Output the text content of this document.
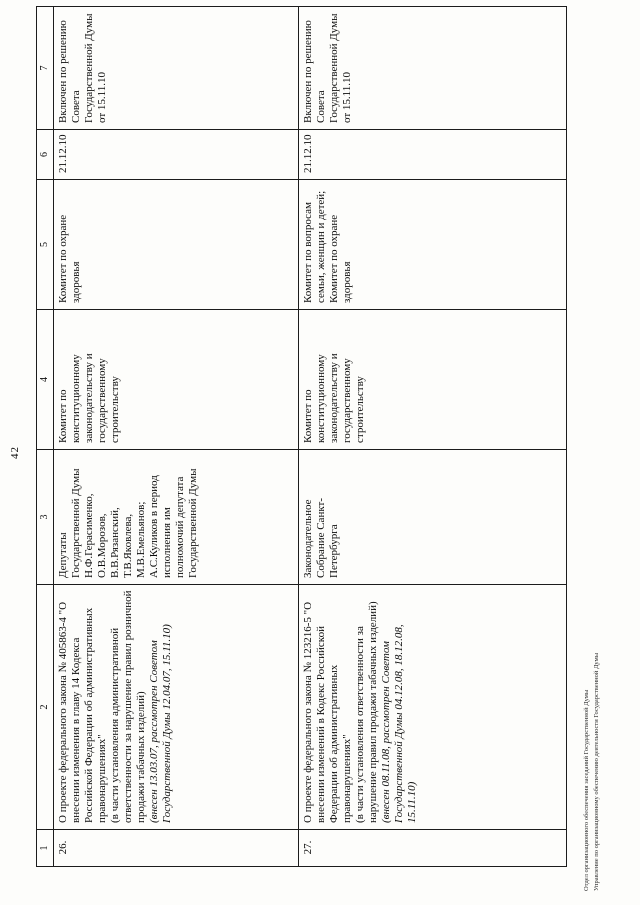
42
1	2	3	4	5	6	7
26.	О проекте федерального закона № 405863-4 "О внесении изменения в главу 14 Кодекса Российской Федерации об административных правонарушениях" (в части установления административной ответственности за нарушение правил розничной продажи табачных изделий) (внесен 13.03.07, рассмотрен Советом Государственной Думы 12.04.07, 15.11.10)	Депутаты Государственной Думы Н.Ф.Герасименко, О.В.Морозов, В.В.Рязанский, Т.В.Яковлева, М.В.Емельянов; А.С.Куликов в период исполнения им полномочий депутата Государственной Думы	Комитет по конституционному законодательству и государственному строительству	Комитет по охране здоровья	21.12.10	Включен по решению Совета Государственной Думы от 15.11.10
27.	О проекте федерального закона № 123216-5 "О внесении изменений в Кодекс Российской Федерации об административных правонарушениях" (в части установления ответственности за нарушение правил продажи табачных изделий) (внесен 08.11.08, рассмотрен Советом Государственной Думы 04.12.08, 18.12.08, 15.11.10)	Законодательное Собрание Санкт-Петербурга	Комитет по конституционному законодательству и государственному строительству	Комитет по вопросам семьи, женщин и детей; Комитет по охране здоровья	21.12.10	Включен по решению Совета Государственной Думы от 15.11.10
Отдел организационного обеспечения заседаний Государственной Думы Управление по организационному обеспечению деятельности Государственной Думы
